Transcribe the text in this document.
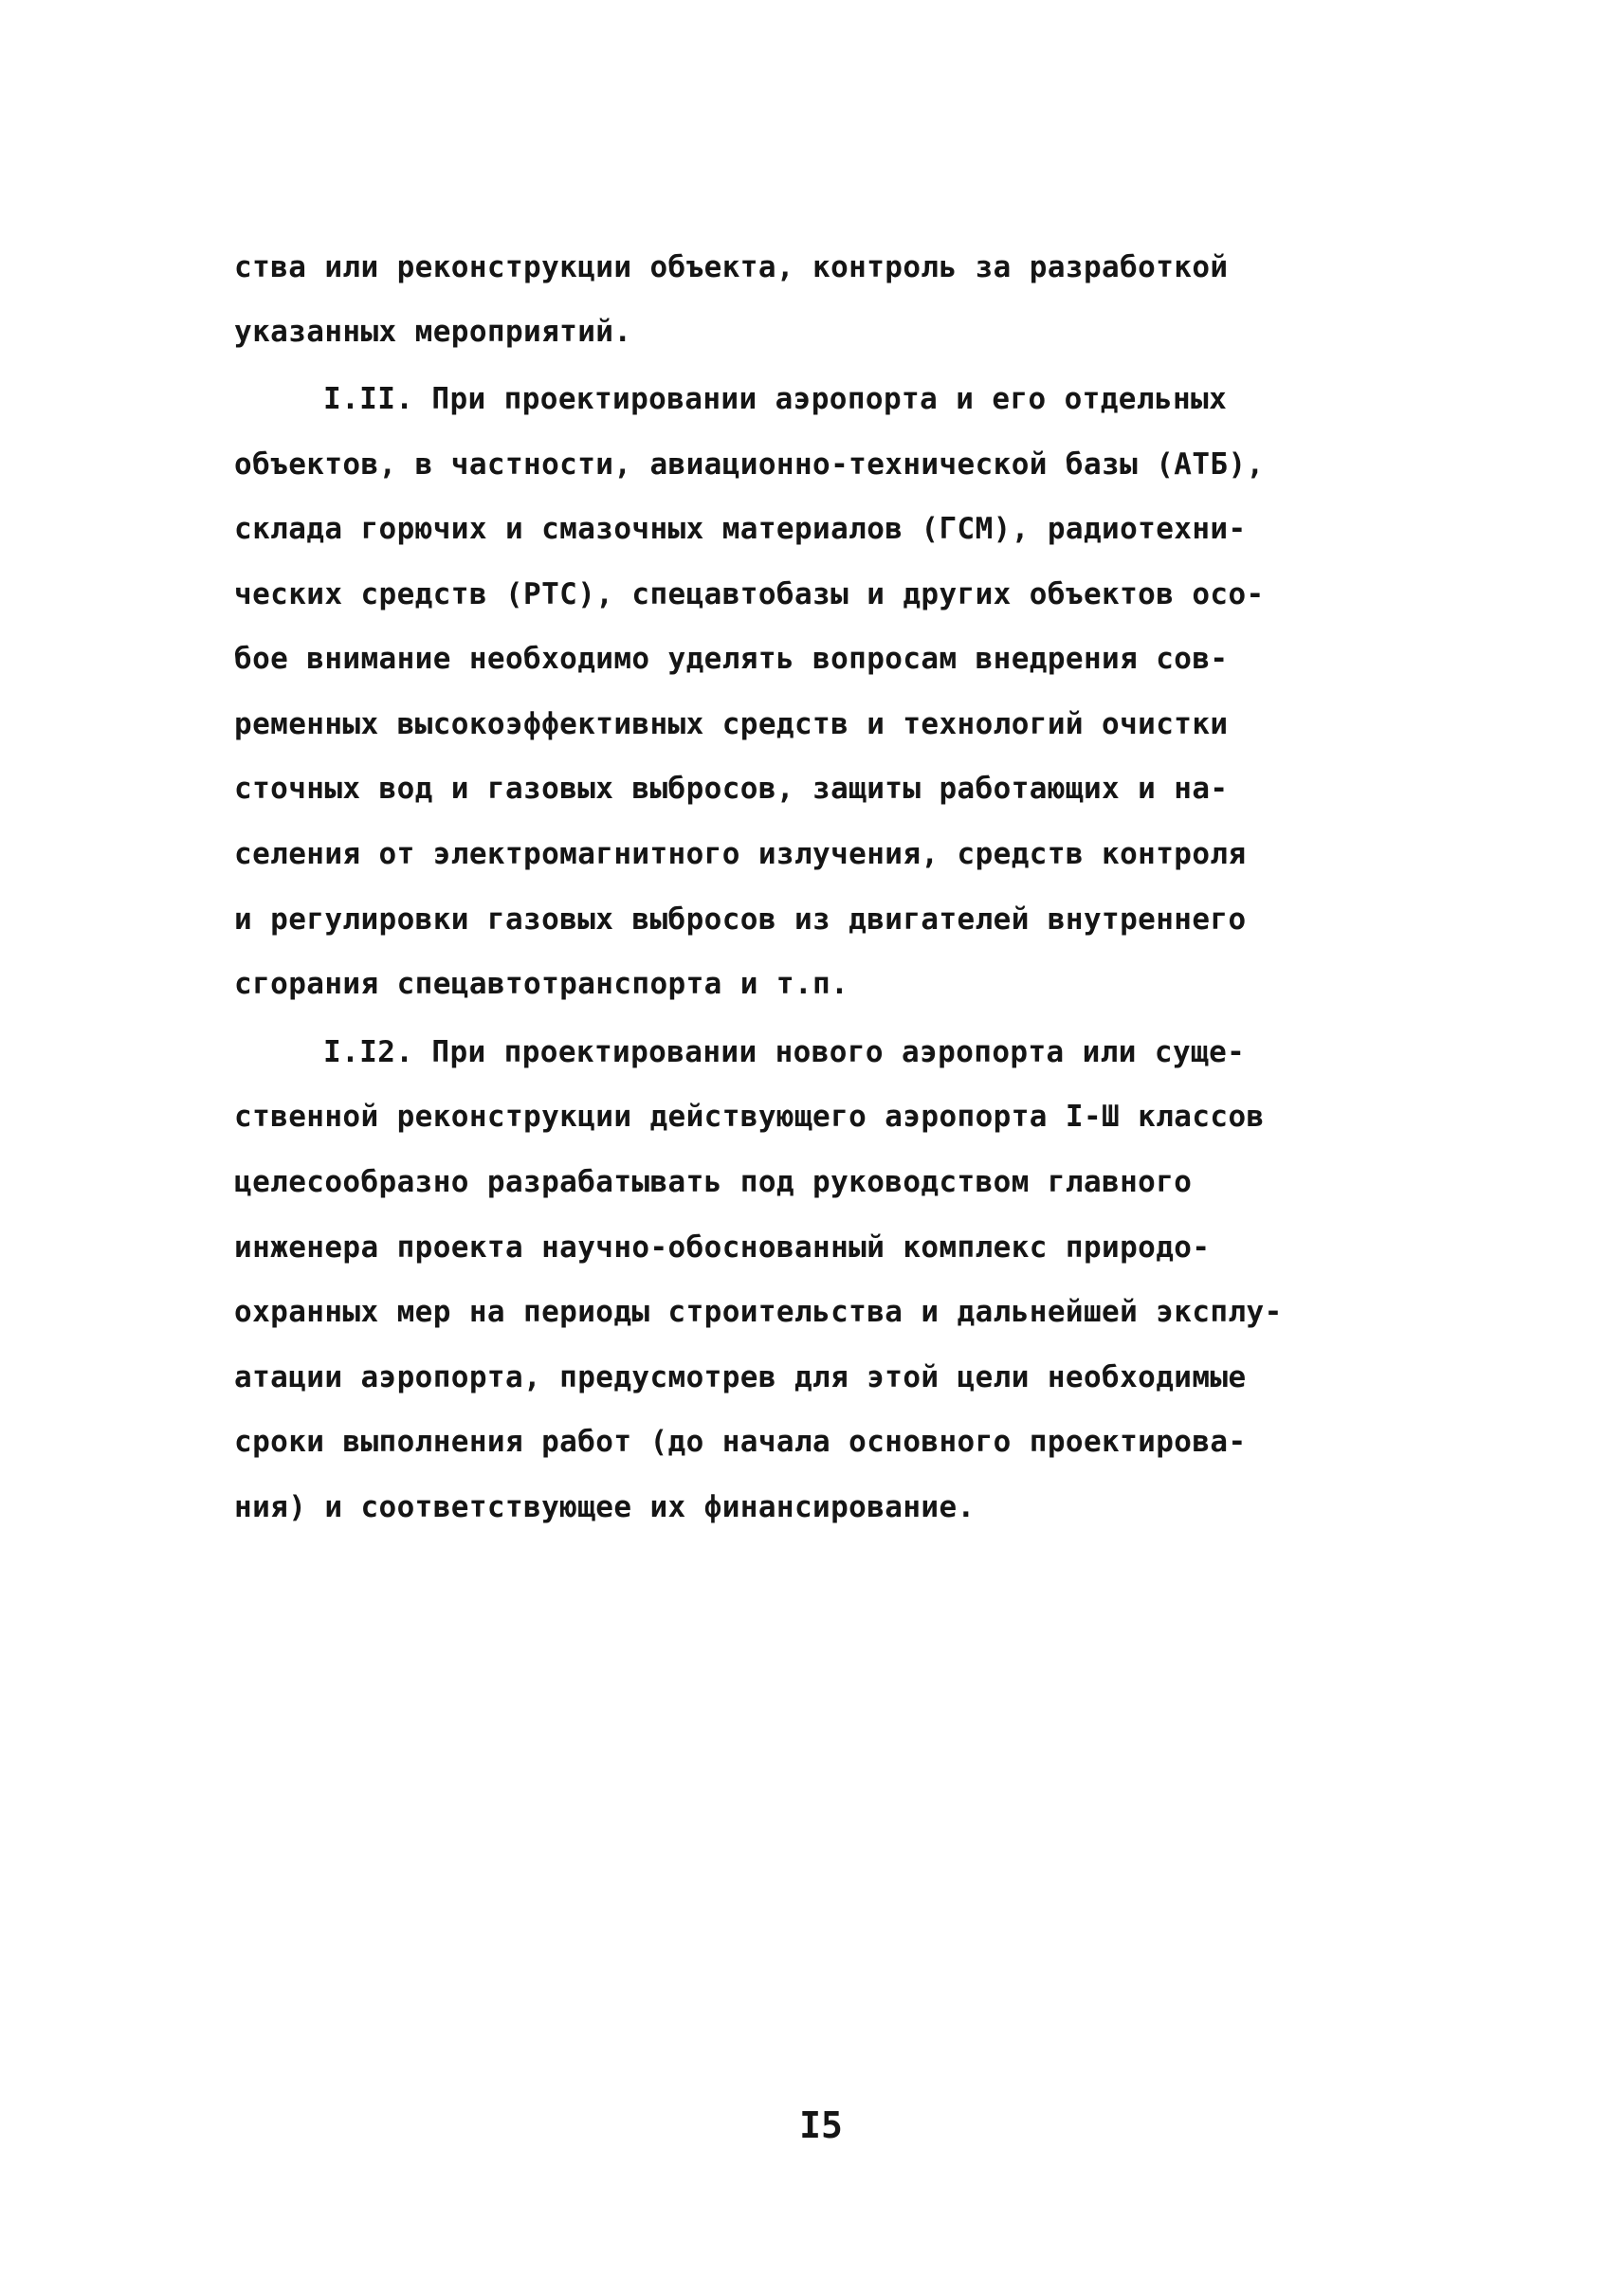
ства или реконструкции объекта, контроль за разработкой
указанных мероприятий.
I.II. При проектировании аэропорта и его отдельных
объектов, в частности, авиационно-технической базы (АТБ),
склада горючих и смазочных материалов (ГСМ), радиотехни-
ческих средств (РТС), спецавтобазы и других объектов осо-
бое внимание необходимо уделять вопросам внедрения сов-
ременных высокоэффективных средств и технологий очистки
сточных вод и газовых выбросов, защиты работающих и на-
селения от электромагнитного излучения, средств контроля
и регулировки газовых выбросов из двигателей внутреннего
сгорания спецавтотранспорта и т.п.
I.I2. При проектировании нового аэропорта или суще-
ственной реконструкции действующего аэропорта I-Ш классов
целесообразно разрабатывать под руководством главного
инженера проекта научно-обоснованный комплекс природо-
охранных мер на периоды строительства и дальнейшей эксплу-
атации аэропорта, предусмотрев для этой цели необходимые
сроки выполнения работ (до начала основного проектирова-
ния) и соответствующее их финансирование.
I5
